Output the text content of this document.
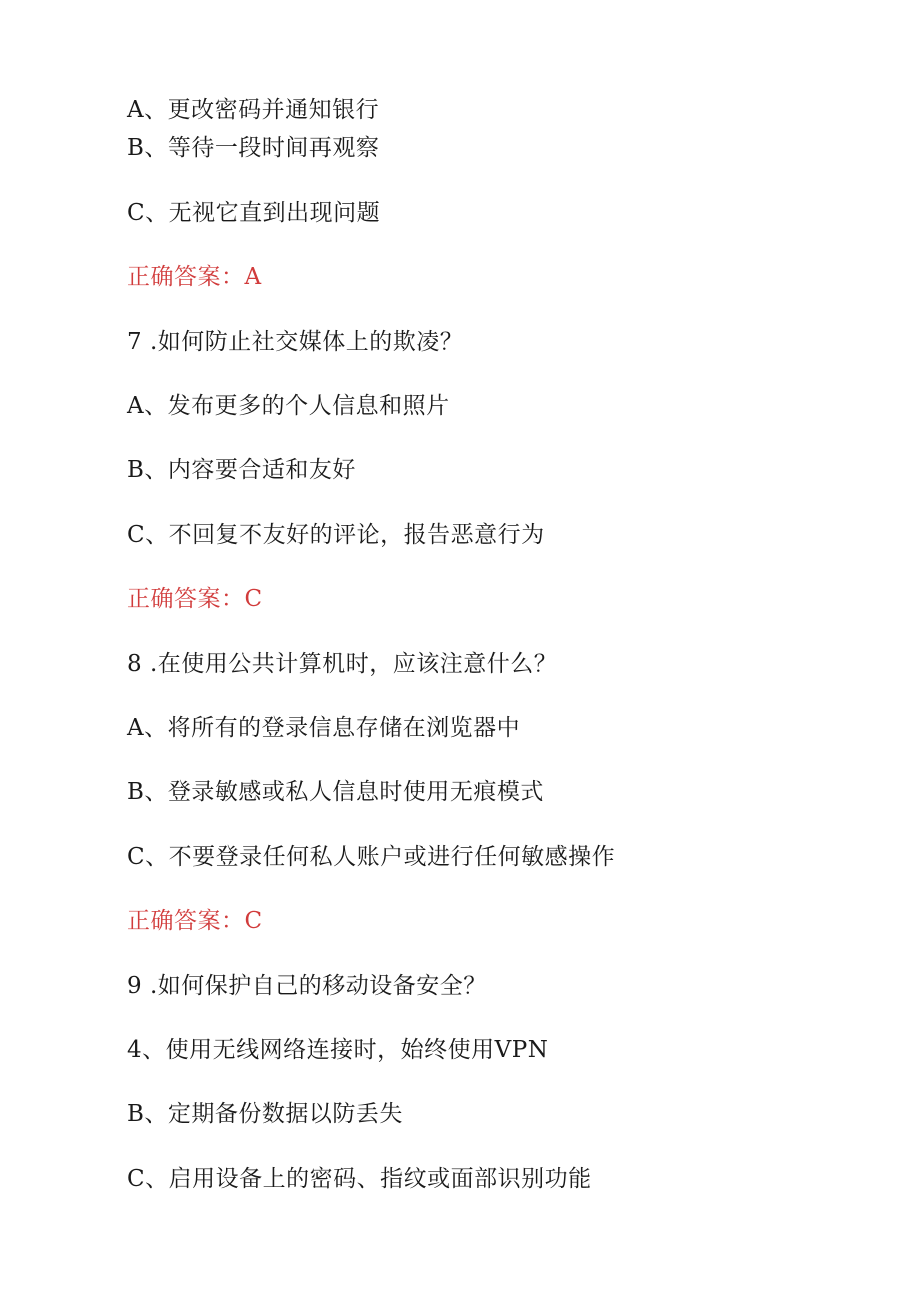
A、更改密码并通知银行
B、等待一段时间再观察
C、无视它直到出现问题
正确答案：A
7 .如何防止社交媒体上的欺凌？
A、发布更多的个人信息和照片
B、内容要合适和友好
C、不回复不友好的评论，报告恶意行为
正确答案：C
8 .在使用公共计算机时，应该注意什么？
A、将所有的登录信息存储在浏览器中
B、登录敏感或私人信息时使用无痕模式
C、不要登录任何私人账户或进行任何敏感操作
正确答案：C
9 .如何保护自己的移动设备安全？
4、使用无线网络连接时，始终使用VPN
B、定期备份数据以防丢失
C、启用设备上的密码、指纹或面部识别功能
